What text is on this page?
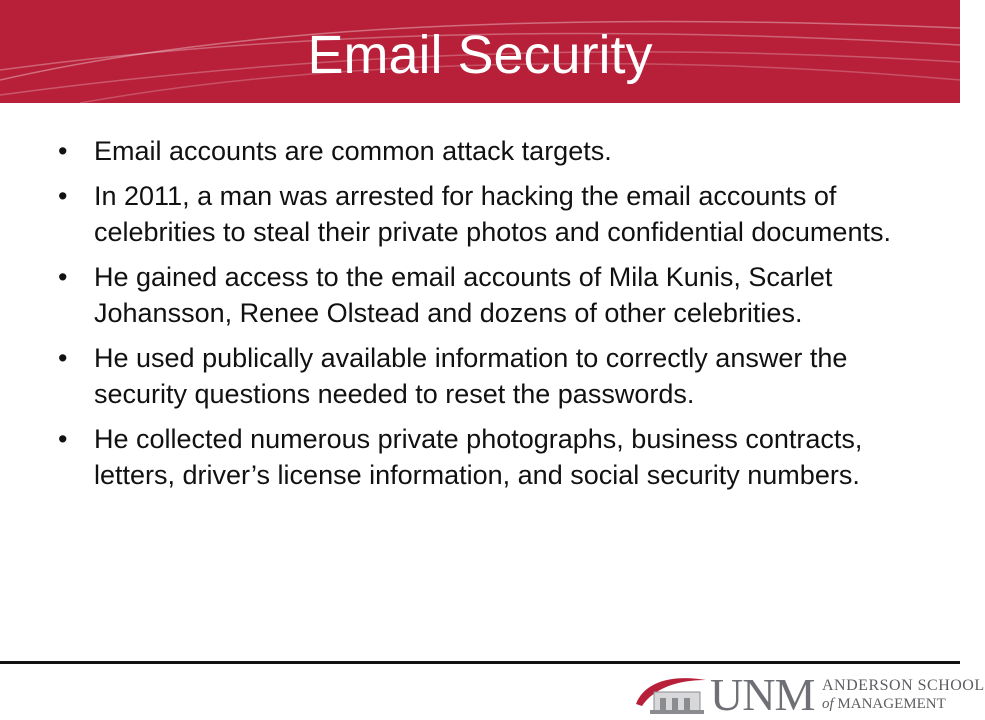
Email Security
• Email accounts are common attack targets.
• In 2011, a man was arrested for hacking the email accounts of celebrities to steal their private photos and confidential documents.
• He gained access to the email accounts of Mila Kunis, Scarlet Johansson, Renee Olstead and dozens of other celebrities.
• He used publically available information to correctly answer the security questions needed to reset the passwords.
• He collected numerous private photographs, business contracts, letters, driver’s license information, and social security numbers.
UNM ANDERSON SCHOOL
of MANAGEMENT
